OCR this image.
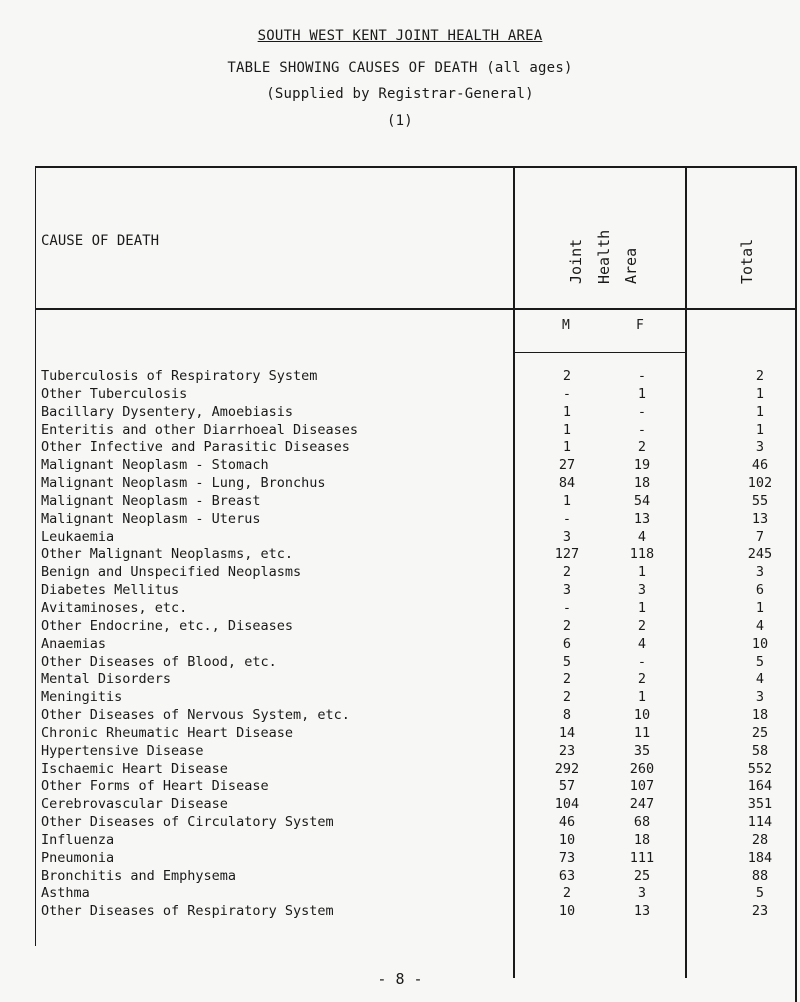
SOUTH WEST KENT JOINT HEALTH AREA
TABLE SHOWING CAUSES OF DEATH (all ages)
(Supplied by Registrar-General)
(1)
CAUSE OF DEATH	Joint Health Area	Total
M	F
Tuberculosis of Respiratory System	2	-	2
Other Tuberculosis	-	1	1
Bacillary Dysentery, Amoebiasis	1	-	1
Enteritis and other Diarrhoeal Diseases	1	-	1
Other Infective and Parasitic Diseases	1	2	3
Malignant Neoplasm - Stomach	27	19	46
Malignant Neoplasm - Lung, Bronchus	84	18	102
Malignant Neoplasm - Breast	1	54	55
Malignant Neoplasm - Uterus	-	13	13
Leukaemia	3	4	7
Other Malignant Neoplasms, etc.	127	118	245
Benign and Unspecified Neoplasms	2	1	3
Diabetes Mellitus	3	3	6
Avitaminoses, etc.	-	1	1
Other Endocrine, etc., Diseases	2	2	4
Anaemias	6	4	10
Other Diseases of Blood, etc.	5	-	5
Mental Disorders	2	2	4
Meningitis	2	1	3
Other Diseases of Nervous System, etc.	8	10	18
Chronic Rheumatic Heart Disease	14	11	25
Hypertensive Disease	23	35	58
Ischaemic Heart Disease	292	260	552
Other Forms of Heart Disease	57	107	164
Cerebrovascular Disease	104	247	351
Other Diseases of Circulatory System	46	68	114
Influenza	10	18	28
Pneumonia	73	111	184
Bronchitis and Emphysema	63	25	88
Asthma	2	3	5
Other Diseases of Respiratory System	10	13	23
- 8 -
